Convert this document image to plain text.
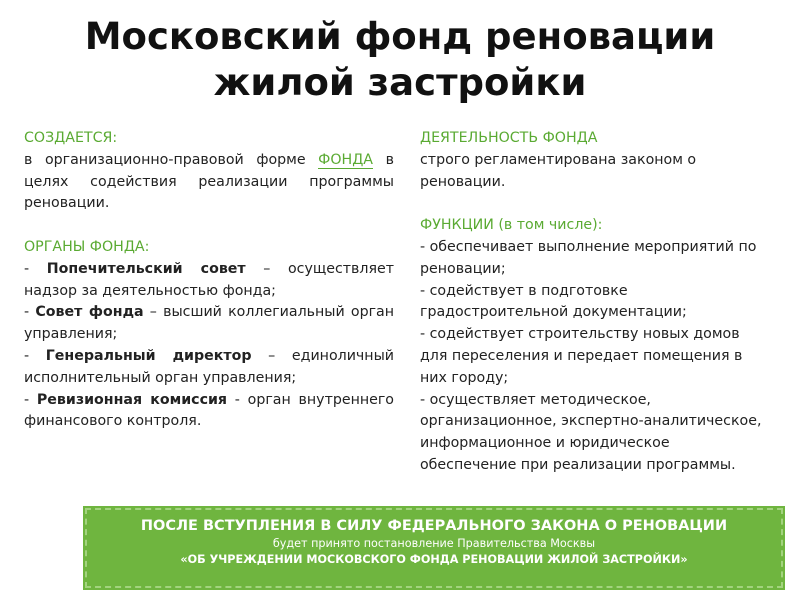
Московский фонд реновации
жилой застройки
СОЗДАЕТСЯ:
в организационно-правовой форме ФОНДА в целях содействия реализации программы реновации.
ОРГАНЫ ФОНДА:
- Попечительский совет – осуществляет надзор за деятельностью фонда;
- Совет фонда – высший коллегиальный орган управления;
- Генеральный директор – единоличный исполнительный орган управления;
- Ревизионная комиссия - орган внутреннего финансового контроля.
ДЕЯТЕЛЬНОСТЬ ФОНДА
строго регламентирована законом о реновации.
ФУНКЦИИ (в том числе):
- обеспечивает выполнение мероприятий по реновации;
- содействует в подготовке градостроительной документации;
- содействует строительству новых домов для переселения и передает помещения в них городу;
- осуществляет методическое, организационное, экспертно-аналитическое, информационное и юридическое обеспечение при реализации программы.
ПОСЛЕ ВСТУПЛЕНИЯ В СИЛУ ФЕДЕРАЛЬНОГО ЗАКОНА О РЕНОВАЦИИ
будет принято постановление Правительства Москвы
«ОБ УЧРЕЖДЕНИИ МОСКОВСКОГО ФОНДА РЕНОВАЦИИ ЖИЛОЙ ЗАСТРОЙКИ»
